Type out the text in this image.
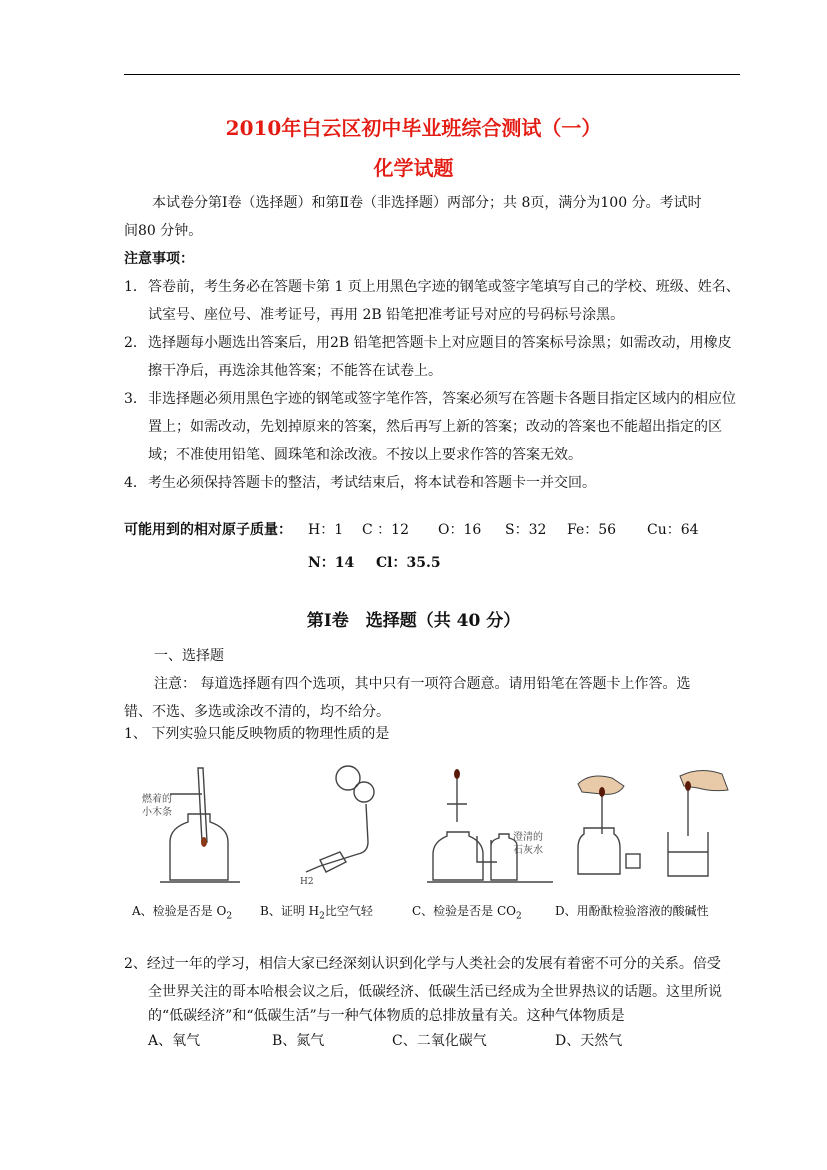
2010年白云区初中毕业班综合测试（一）
化学试题

本试卷分第Ⅰ卷（选择题）和第Ⅱ卷（非选择题）两部分；共 8页，满分为100 分。考试时

间80 分钟。

注意事项：

1． 答卷前，考生务必在答题卡第 1 页上用黑色字迹的钢笔或签字笔填写自己的学校、班级、姓名、试室号、座位号、准考证号，再用 2B 铅笔把准考证号对应的号码标号涂黑。
2． 选择题每小题选出答案后，用2B 铅笔把答题卡上对应题目的答案标号涂黑；如需改动，用橡皮擦干净后，再选涂其他答案；不能答在试卷上。
3． 非选择题必须用黑色字迹的钢笔或签字笔作答，答案必须写在答题卡各题目指定区域内的相应位置上；如需改动，先划掉原来的答案，然后再写上新的答案；改动的答案也不能超出指定的区域；不准使用铅笔、圆珠笔和涂改液。不按以上要求作答的答案无效。
4． 考生必须保持答题卡的整洁，考试结束后，将本试卷和答题卡一并交回。
可能用到的相对原子质量： H：1 C ：12 O：16 S：32 Fe：56 Cu：64
N：14 Cl：35.5
第Ⅰ卷　选择题（共 40 分）

一、选择题

注意： 每道选择题有四个选项，其中只有一项符合题意。请用铅笔在答题卡上作答。选

错、不选、多选或涂改不清的，均不给分。

1、 下列实验只能反映物质的物理性质的是

燃着的
小木条
H2
澄清的
石灰水
A、检验是否是 $O_2$ B、证明 $H_2$比空气轻	C、检验是否是 $CO_2$	D、用酚酞检验溶液的酸碱性

2、经过一年的学习，相信大家已经深刻认识到化学与人类社会的发展有着密不可分的关系。倍受

全世界关注的哥本哈根会议之后，低碳经济、低碳生活已经成为全世界热议的话题。这里所说

的“低碳经济”和“低碳生活”与一种气体物质的总排放量有关。这种气体物质是

A、氧气	B、氮气	C、二氧化碳气	D、天然气
